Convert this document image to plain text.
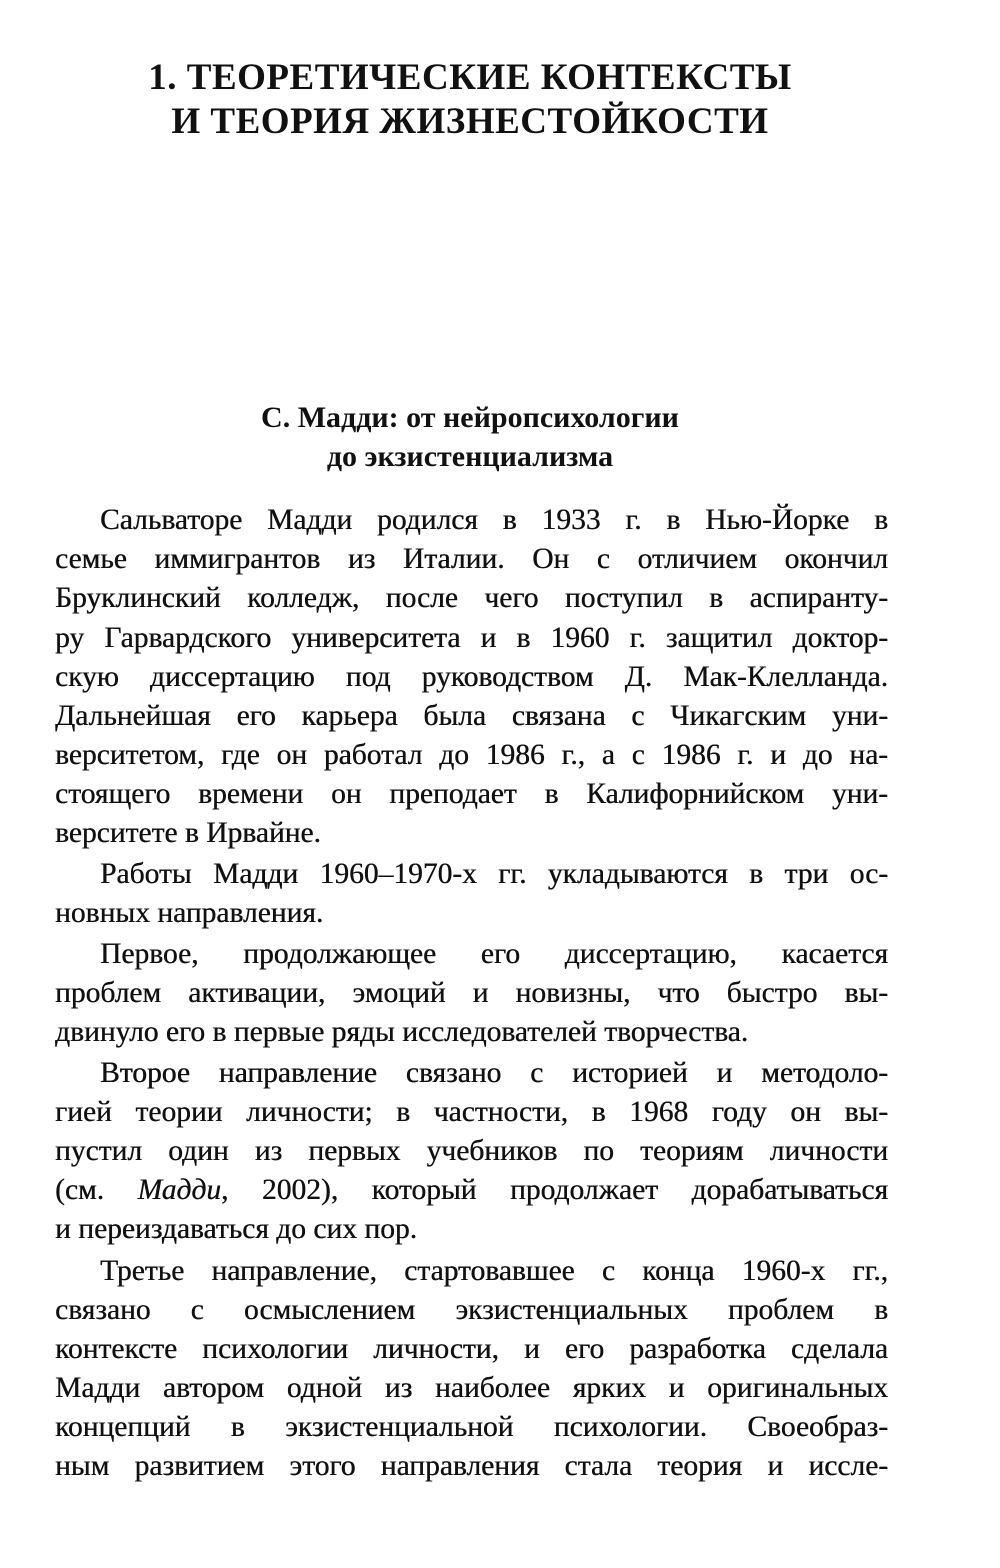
1. ТЕОРЕТИЧЕСКИЕ КОНТЕКСТЫ
И ТЕОРИЯ ЖИЗНЕСТОЙКОСТИ
С. Мадди: от нейропсихологии
до экзистенциализма
Сальваторе Мадди родился в 1933 г. в Нью-Йорке в
семье иммигрантов из Италии. Он с отличием окончил
Бруклинский колледж, после чего поступил в аспиранту-
ру Гарвардского университета и в 1960 г. защитил доктор-
скую диссертацию под руководством Д. Мак-Клелланда.
Дальнейшая его карьера была связана с Чикагским уни-
верситетом, где он работал до 1986 г., а с 1986 г. и до на-
стоящего времени он преподает в Калифорнийском уни-
верситете в Ирвайне.
Работы Мадди 1960–1970-х гг. укладываются в три ос-
новных направления.
Первое, продолжающее его диссертацию, касается
проблем активации, эмоций и новизны, что быстро вы-
двинуло его в первые ряды исследователей творчества.
Второе направление связано с историей и методоло-
гией теории личности; в частности, в 1968 году он вы-
пустил один из первых учебников по теориям личности
(см. Мадди, 2002), который продолжает дорабатываться
и переиздаваться до сих пор.
Третье направление, стартовавшее с конца 1960-х гг.,
связано с осмыслением экзистенциальных проблем в
контексте психологии личности, и его разработка сделала
Мадди автором одной из наиболее ярких и оригинальных
концепций в экзистенциальной психологии. Своеобраз-
ным развитием этого направления стала теория и иссле-
